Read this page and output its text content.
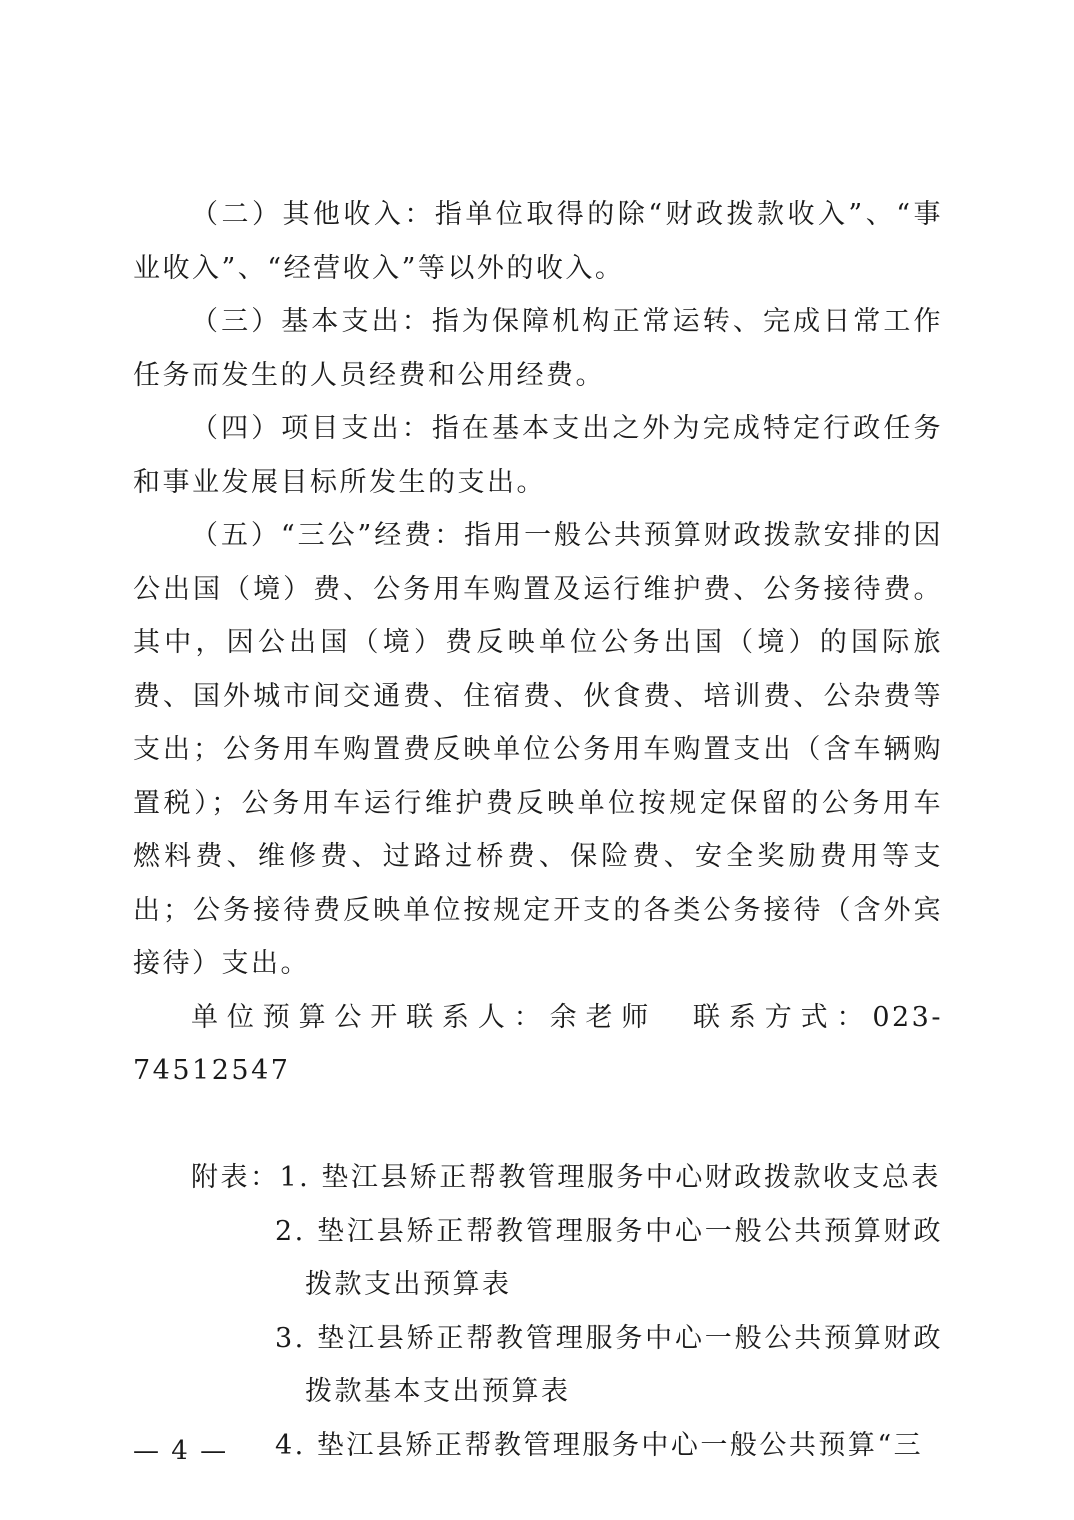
（二）其他收入：指单位取得的除“财政拨款收入”、“事业收入”、“经营收入”等以外的收入。

（三）基本支出：指为保障机构正常运转、完成日常工作任务而发生的人员经费和公用经费。

（四）项目支出：指在基本支出之外为完成特定行政任务和事业发展目标所发生的支出。

（五）“三公”经费：指用一般公共预算财政拨款安排的因公出国（境）费、公务用车购置及运行维护费、公务接待费。其中，因公出国（境）费反映单位公务出国（境）的国际旅费、国外城市间交通费、住宿费、伙食费、培训费、公杂费等支出；公务用车购置费反映单位公务用车购置支出（含车辆购置税）；公务用车运行维护费反映单位按规定保留的公务用车燃料费、维修费、过路过桥费、保险费、安全奖励费用等支出；公务接待费反映单位按规定开支的各类公务接待（含外宾接待）支出。

单位预算公开联系人：余老师　联系方式：023-74512547

附表：1. 垫江县矫正帮教管理服务中心财政拨款收支总表

2. 垫江县矫正帮教管理服务中心一般公共预算财政拨款支出预算表

3. 垫江县矫正帮教管理服务中心一般公共预算财政拨款基本支出预算表

4. 垫江县矫正帮教管理服务中心一般公共预算“三

— 4 —
